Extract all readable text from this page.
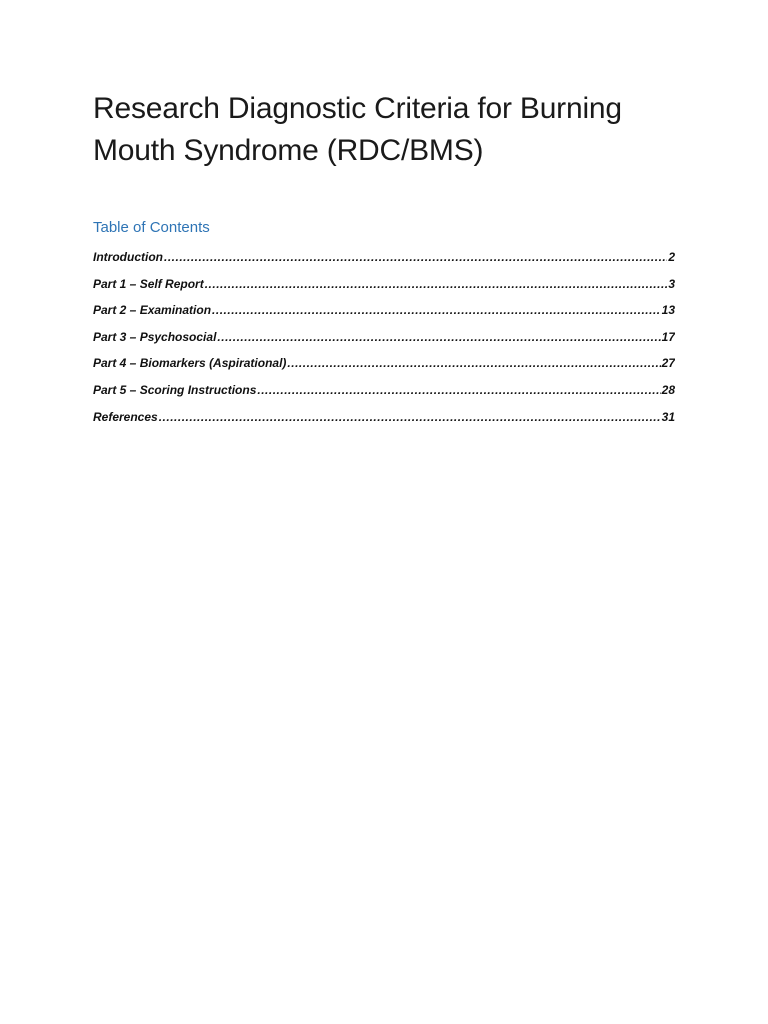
Research Diagnostic Criteria for Burning Mouth Syndrome (RDC/BMS)
Table of Contents
Introduction .....	2
Part 1 – Self Report .....	3
Part 2 – Examination .....	13
Part 3 – Psychosocial .....	17
Part 4 – Biomarkers (Aspirational) .....	27
Part 5 – Scoring Instructions .....	28
References .....	31
